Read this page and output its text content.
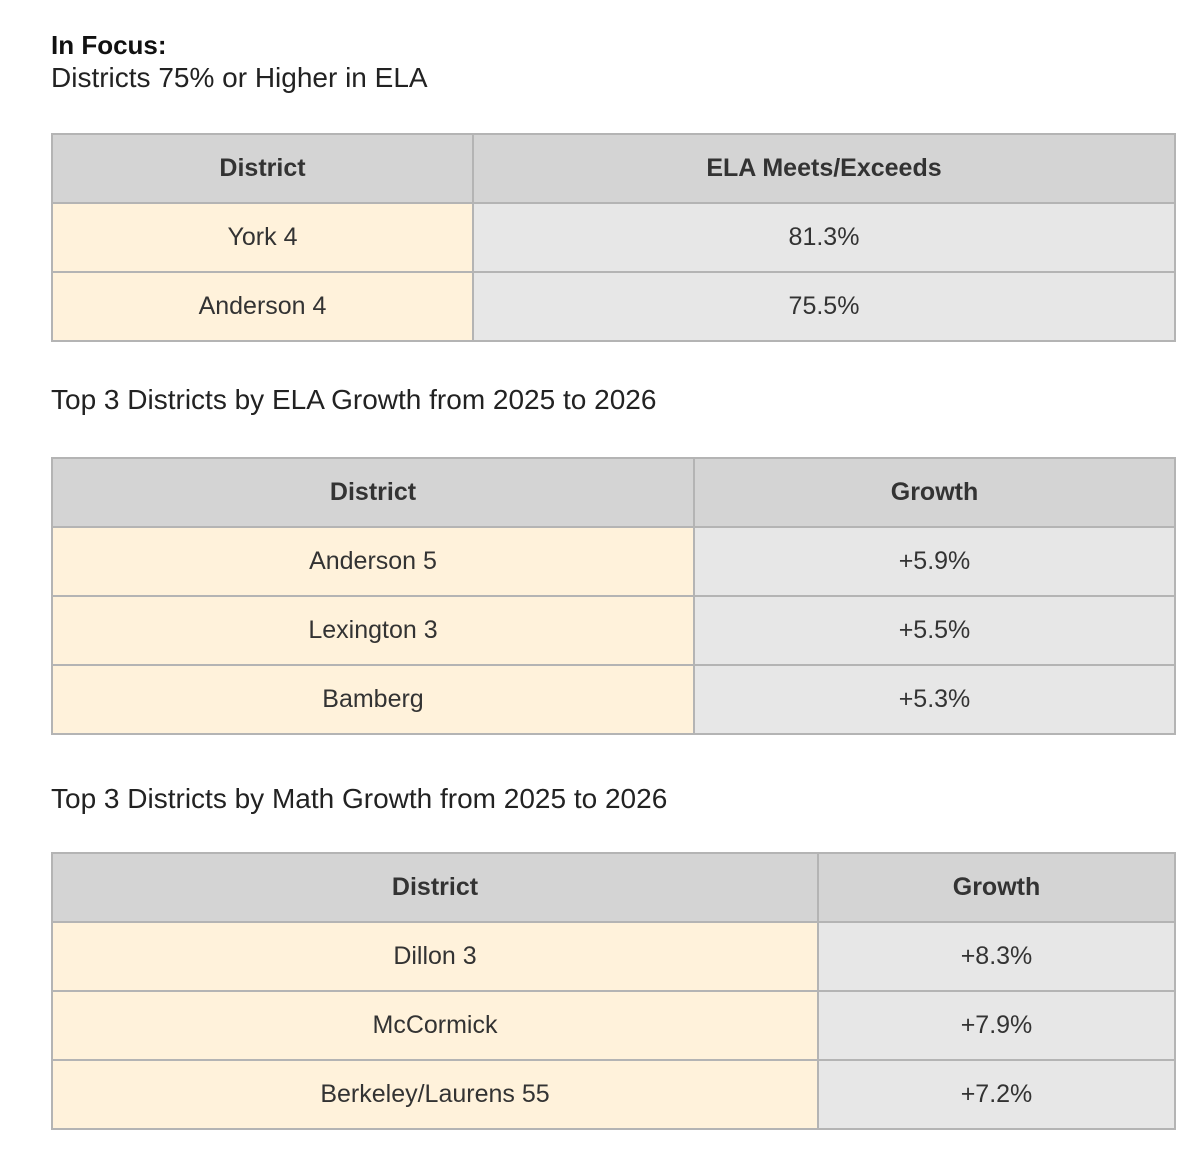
In Focus:
Districts 75% or Higher in ELA
District	ELA Meets/Exceeds
York 4	81.3%
Anderson 4	75.5%
Top 3 Districts by ELA Growth from 2025 to 2026
District	Growth
Anderson 5	+5.9%
Lexington 3	+5.5%
Bamberg	+5.3%
Top 3 Districts by Math Growth from 2025 to 2026
District	Growth
Dillon 3	+8.3%
McCormick	+7.9%
Berkeley/Laurens 55	+7.2%
